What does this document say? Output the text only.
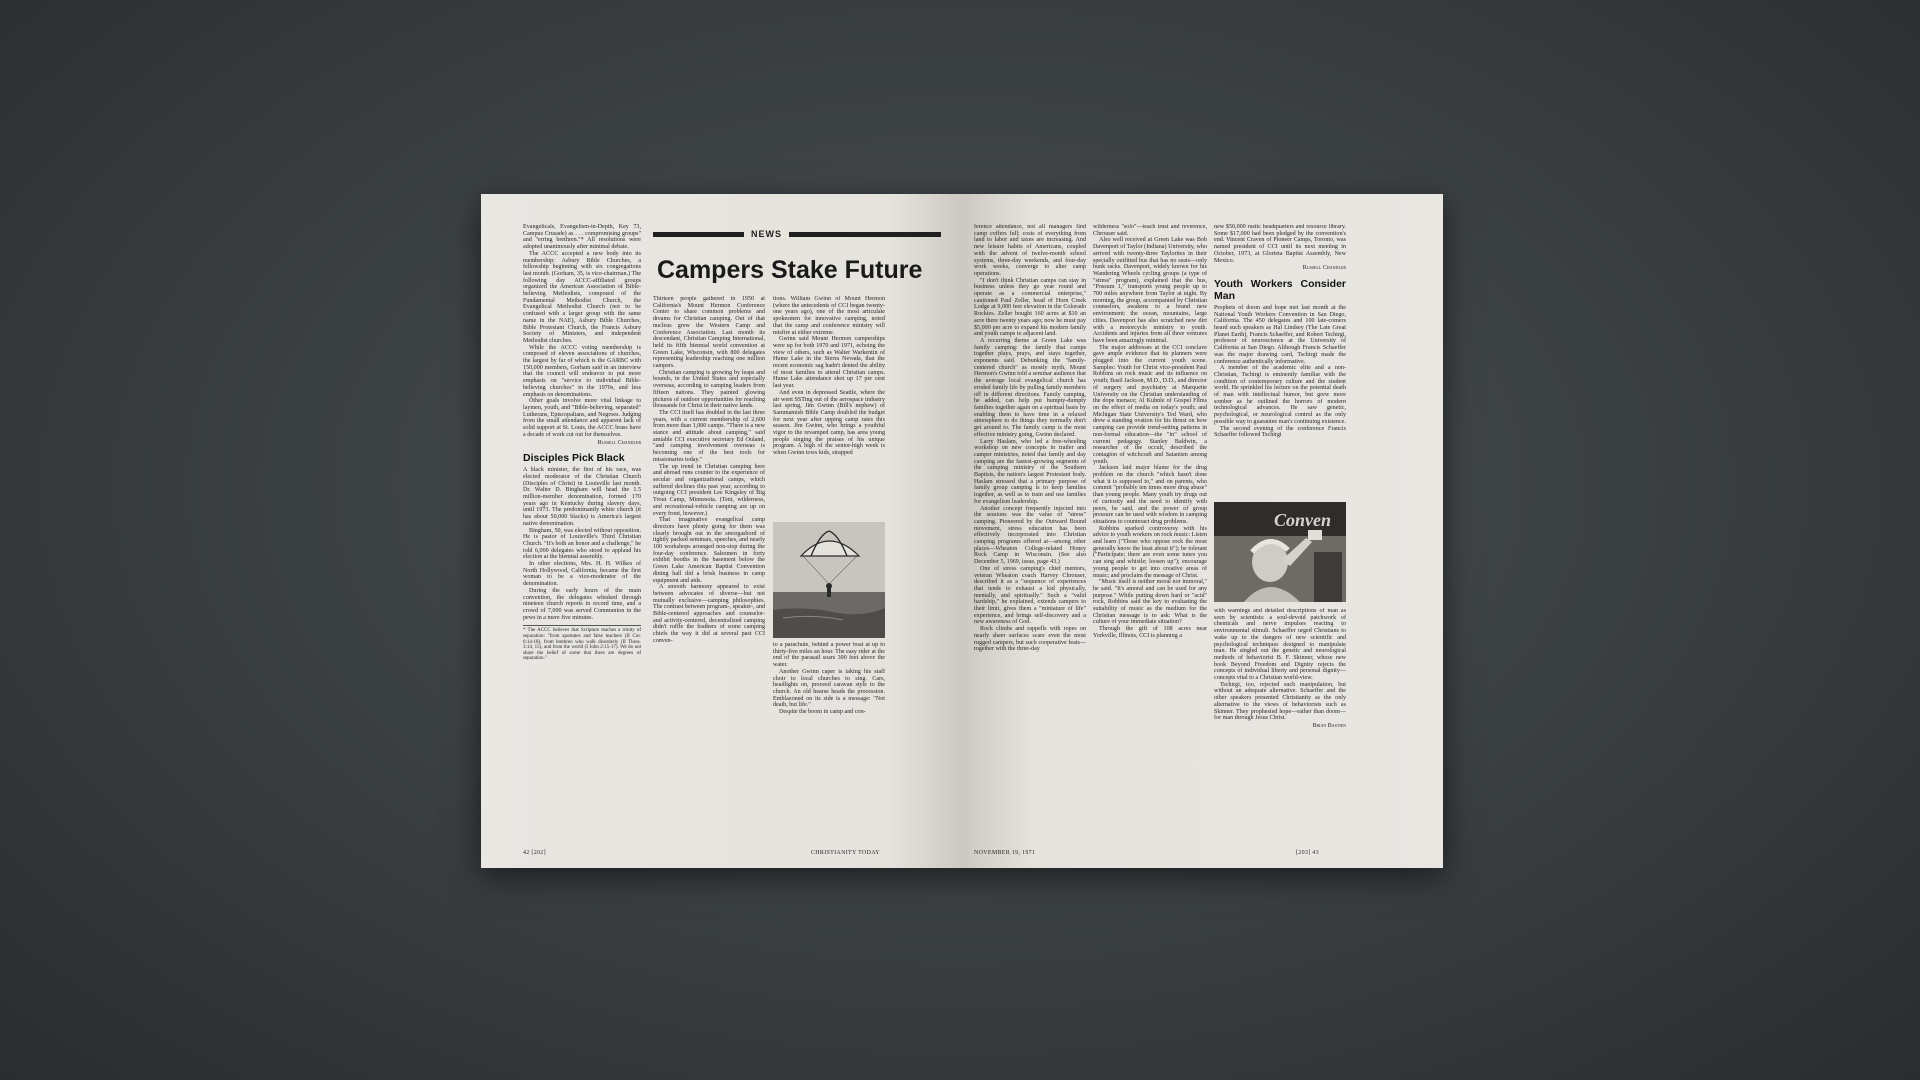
Evangelicals, Evangelism-in-Depth, Key 73, Campus Crusade) as . . . compromising groups" and "erring brethren."* All resolutions were adopted unanimously after minimal debate.

The ACCC accepted a new body into its membership: Asbury Bible Churches, a fellowship beginning with six congregations last month. (Gorham, 35, is vice-chairman.) The following day ACCC-affiliated groups organized the American Association of Bible-believing Methodists, composed of the Fundamental Methodist Church, the Evangelical Methodist Church (not to be confused with a larger group with the same name in the NAE), Asbury Bible Churches, Bible Protestant Church, the Francis Asbury Society of Ministers, and independent Methodist churches.

While the ACCC voting membership is composed of eleven associations of churches, the largest by far of which is the GARBC with 150,000 members, Gorham said in an interview that the council will endeavor to put more emphasis on "service to individual Bible-believing churches" in the 1970s, and less emphasis on denominations.

Other goals involve more vital linkage to laymen, youth, and "Bible-believing, separated" Lutherans, Episcopalians, and Negroes. Judging from the small attendance and apparent lack of solid support at St. Louis, the ACCC brass have a decade of work cut out for themselves.

Russell Chandler
Disciples Pick Black

A black minister, the first of his race, was elected moderator of the Christian Church (Disciples of Christ) in Louisville last month. Dr. Walter D. Bingham will head the 1.5 million-member denomination, formed 170 years ago in Kentucky during slavery days, until 1973. The predominantly white church (it has about 50,000 blacks) is America's largest native denomination.

Bingham, 50, was elected without opposition. He is pastor of Louisville's Third Christian Church. "It's both an honor and a challenge," he told 6,000 delegates who stood to applaud his election at the biennial assembly.

In other elections, Mrs. H. H. Wilkes of North Hollywood, California, became the first woman to be a vice-moderator of the denomination.

During the early hours of the main convention, the delegates whisked through nineteen church reports in record time, and a crowd of 7,000 was served Communion in the pews in a mere five minutes.

* The ACCC believes that Scripture teaches a trinity of separation: "from apostates and false teachers (II Cor. 6:14-18), from brethren who walk disorderly (II Thess. 3:14, 15), and from the world (I John 2:15-17). We do not share the belief of some that there are degrees of separation."
NEWS
Campers Stake Future

Thirteen people gathered in 1950 at California's Mount Hermon Conference Center to share common problems and dreams for Christian camping. Out of that nucleus grew the Western Camp and Conference Association. Last month its descendant, Christian Camping International, held its fifth biennial world convention at Green Lake, Wisconsin, with 800 delegates representing leadership reaching one million campers.

Christian camping is growing by leaps and bounds, in the United States and especially overseas, according to camping leaders from fifteen nations. They painted glowing pictures of outdoor opportunities for reaching thousands for Christ in their native lands.

The CCI itself has doubled in the last three years, with a current membership of 2,600 from more than 1,000 camps. "There is a new stance and attitude about camping," said amiable CCI executive secretary Ed Ouland, "and camping involvement overseas is becoming one of the best tools for missionaries today."

The up trend in Christian camping here and abroad runs counter to the experience of secular and organizational camps, which suffered declines this past year, according to outgoing CCI president Lee Kingsley of Big Trout Camp, Minnesota. (Tent, wilderness, and recreational-vehicle camping are up on every front, however.)

That imaginative evangelical camp directors have plenty going for them was clearly brought out in the smorgasbord of tightly packed seminars, speeches, and nearly 100 workshops arranged non-stop during the four-day conference. Salesmen in forty exhibit booths in the basement below the Green Lake American Baptist Convention dining hall did a brisk business in camp equipment and aids.

A smooth harmony appeared to exist between advocates of diverse—but not mutually exclusive—camping philosophies. The contrast between program-, speaker-, and Bible-centered approaches and counselor- and activity-centered, decentralized camping didn't ruffle the feathers of some camping chiefs the way it did at several past CCI conven-

tions. William Gwinn of Mount Hermon (where the antecedents of CCI began twenty-one years ago), one of the most articulate spokesmen for innovative camping, noted that the camp and conference ministry will misfire at either extreme.

Gwinn said Mount Hermon camperships were up for both 1970 and 1971, echoing the view of others, such as Walter Warkentin of Hume Lake in the Sierra Nevada, that the recent economic sag hadn't dented the ability of most families to attend Christian camps. Hume Lake attendance shot up 17 per cent last year.

And even in depressed Seattle, where the air went SSTing out of the aerospace industry last spring, Jim Gwinn (Bill's nephew) of Sammamish Bible Camp doubled the budget for next year after upping camp rates this season. Jim Gwinn, who brings a youthful vigor to the revamped camp, has area young people singing the praises of his unique program. A high of the senior-high week is when Gwinn tows kids, strapped

to a parachute, behind a power boat at up to thirty-five miles an hour. The easy rider at the end of the parasail soars 300 feet above the water.

Another Gwinn caper is taking his staff choir to local churches to sing. Cars, headlights on, proceed caravan style to the church. An old hearse heads the procession. Emblazoned on its side is a message: "Not death, but life."

Despite the boom in camp and con-

42 [202]	CHRISTIANITY TODAY

ference attendance, not all managers find camp coffers full; costs of everything from land to labor and taxes are increasing. And new leisure habits of Americans, coupled with the advent of twelve-month school systems, three-day weekends, and four-day work weeks, converge to alter camp operations.

"I don't think Christian camps can stay in business unless they go year round and operate as a commercial enterprise," cautioned Paul Zeller, head of Horn Creek Lodge at 9,000 feet elevation in the Colorado Rockies. Zeller bought 160 acres at $10 an acre there twenty years ago; now he must pay $5,000 per acre to expand his modern family and youth camps to adjacent land.

A recurring theme at Green Lake was family camping: the family that camps together plays, prays, and stays together, exponents said. Debunking the "family-centered church" as mostly myth, Mount Hermon's Gwinn told a seminar audience that the average local evangelical church has eroded family life by pulling family members off in different directions. Family camping, he added, can help put humpty-dumpty families together again on a spiritual basis by enabling them to have time in a relaxed atmosphere to do things they normally don't get around to. The family camp is the most effective ministry going, Gwinn declared.

Larry Haslam, who led a free-wheeling workshop on new concepts in trailer and camper ministries, noted that family and day camping are the fastest-growing segments of the camping ministry of the Southern Baptists, the nation's largest Protestant body. Haslam stressed that a primary purpose of family group camping is to keep families together, as well as to train and use families for evangelism leadership.

Another concept frequently injected into the sessions was the value of "stress" camping. Pioneered by the Outward Bound movement, stress education has been effectively incorporated into Christian camping programs offered at—among other places—Wheaton College-related Honey Rock Camp in Wisconsin. (See also December 5, 1969, issue, page 43.)

One of stress camping's chief mentors, veteran Wheaton coach Harvey Chrouser, described it as a "sequence of experiences that tends to exhaust a kid physically, mentally, and spiritually." Such a "valid hardship," he explained, extends campers to their limit, gives them a "miniature of life" experience, and brings self-discovery and a new awareness of God.

Rock climbs and rappells with ropes on nearly sheer surfaces scare even the most rugged campers, but such cooperative feats—together with the three-day

wilderness "solo"—teach trust and reverence, Chrouser said.

Also well received at Green Lake was Bob Davenport of Taylor (Indiana) University, who arrived with twenty-three Taylorites in their specially outfitted bus that has no seats—only bunk racks. Davenport, widely known for his Wandering Wheels cycling groups (a type of "stress" program), explained that the bus, "Possum 1," transports young people up to 700 miles anywhere from Taylor at night. By morning, the group, accompanied by Christian counselors, awakens to a brand new environment: the ocean, mountains, large cities. Davenport has also scratched new dirt with a motorcycle ministry to youth. Accidents and injuries from all three ventures have been amazingly minimal.

The major addresses at the CCI conclave gave ample evidence that its planners were plugged into the current youth scene. Samples: Youth for Christ vice-president Paul Robbins on rock music and its influence on youth; Basil Jackson, M.D., D.D., and director of surgery and psychiatry at Marquette University on the Christian understanding of the dope menace; Al Kuhnle of Gospel Films on the effect of media on today's youth; and Michigan State University's Ted Ward, who drew a standing ovation for his thrust on how camping can provide trend-setting patterns in non-formal education—the "in" school of current pedagogy. Stanley Baldwin, a researcher of the occult, described the contagion of witchcraft and Satanism among youth.

Jackson laid major blame for the drug problem on the church "which hasn't done what it is supposed to," and on parents, who commit "probably ten times more drug abuse" than young people. Many youth try drugs out of curiosity and the need to identify with peers, he said, and the power of group pressure can be used with wisdom in camping situations to counteract drug problems.

Robbins sparked controversy with his advice to youth workers on rock music: Listen and learn ("Those who oppose rock the most generally know the least about it"); be tolerant ("Participate; there are even some tunes you can sing and whistle; loosen up"); encourage young people to get into creative areas of music; and proclaim the message of Christ.

"Music itself is neither moral nor immoral," he said. "It's amoral and can be used for any purpose." While putting down hard or "acid" rock, Robbins said the key to evaluating the suitability of music as the medium for the Christian message is to ask: What is the culture of your immediate situation?

Through the gift of 108 acres near Yorkville, Illinois, CCI is planning a

new $50,000 rustic headquarters and resource library. Some $17,000 had been pledged by the convention's end. Vincent Craven of Pioneer Camps, Toronto, was named president of CCI until its next meeting in October, 1973, at Glorieta Baptist Assembly, New Mexico.

Russell Chandler
Youth Workers Consider Man

Prophets of doom and hope met last month at the National Youth Workers Convention in San Diego, California. The 450 delegates and 100 late-comers heard such speakers as Hal Lindsey (The Late Great Planet Earth), Francis Schaeffer, and Robert Tschirgi, professor of neuroscience at the University of California at San Diego. Although Francis Schaeffer was the major drawing card, Tschirgi made the conference authentically informative.

A member of the academic elite and a non-Christian, Tschirgi is eminently familiar with the condition of contemporary culture and the student world. He sprinkled his lecture on the potential death of man with intellectual humor, but grew more somber as he outlined the horrors of modern technological advances. He saw genetic, psychological, or neurological control as the only possible way to guarantee man's continuing existence.

The second evening of the conference Francis Schaeffer followed Tschirgi

Conven

with warnings and detailed descriptions of man as seen by scientists: a soul-devoid patchwork of chemicals and nerve impulses reacting to environmental stimuli. Schaeffer urged Christians to wake up to the dangers of new scientific and psychological techniques designed to manipulate man. He singled out the genetic and neurological methods of behaviorist B. F. Skinner, whose new book Beyond Freedom and Dignity rejects the concepts of individual liberty and personal dignity—concepts vital to a Christian world-view.

Tschirgi, too, rejected such manipulation, but without an adequate alternative. Schaeffer and the other speakers presented Christianity as the only alternative to the views of behaviorists such as Skinner. They prophesied hope—rather than doom—for man through Jesus Christ.

Brian Bastien
NOVEMBER 19, 1971	[203] 43
